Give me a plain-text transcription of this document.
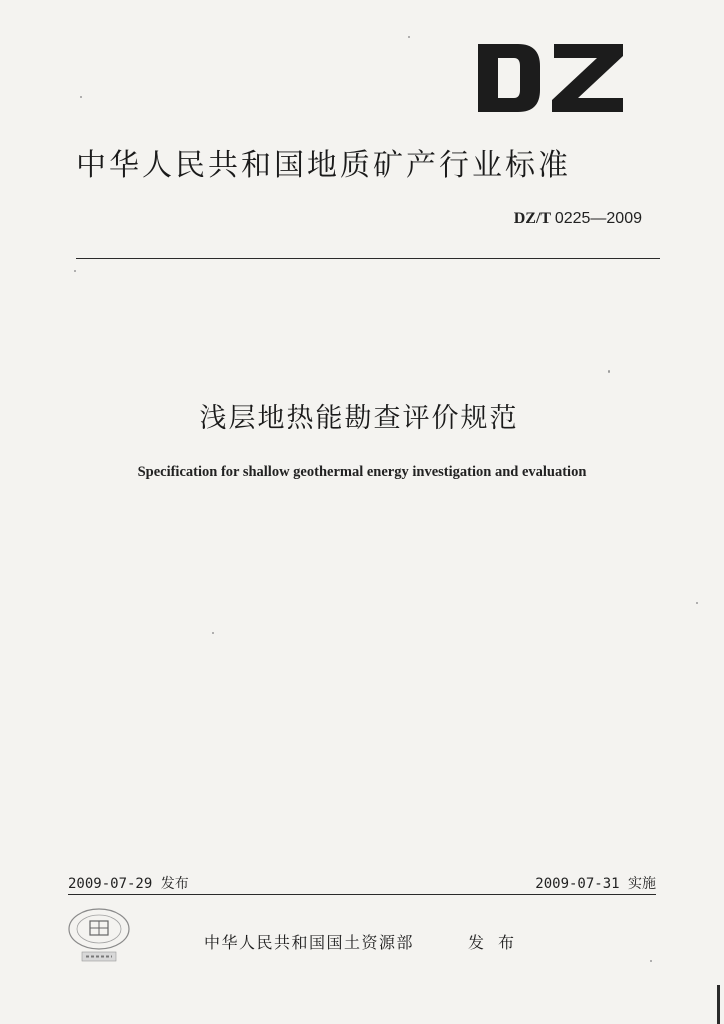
中华人民共和国地质矿产行业标准
DZ/T 0225—2009
浅层地热能勘查评价规范
Specification for shallow geothermal energy investigation and evaluation
2009-07-29 发布	2009-07-31 实施
中华人民共和国国土资源部	发布
